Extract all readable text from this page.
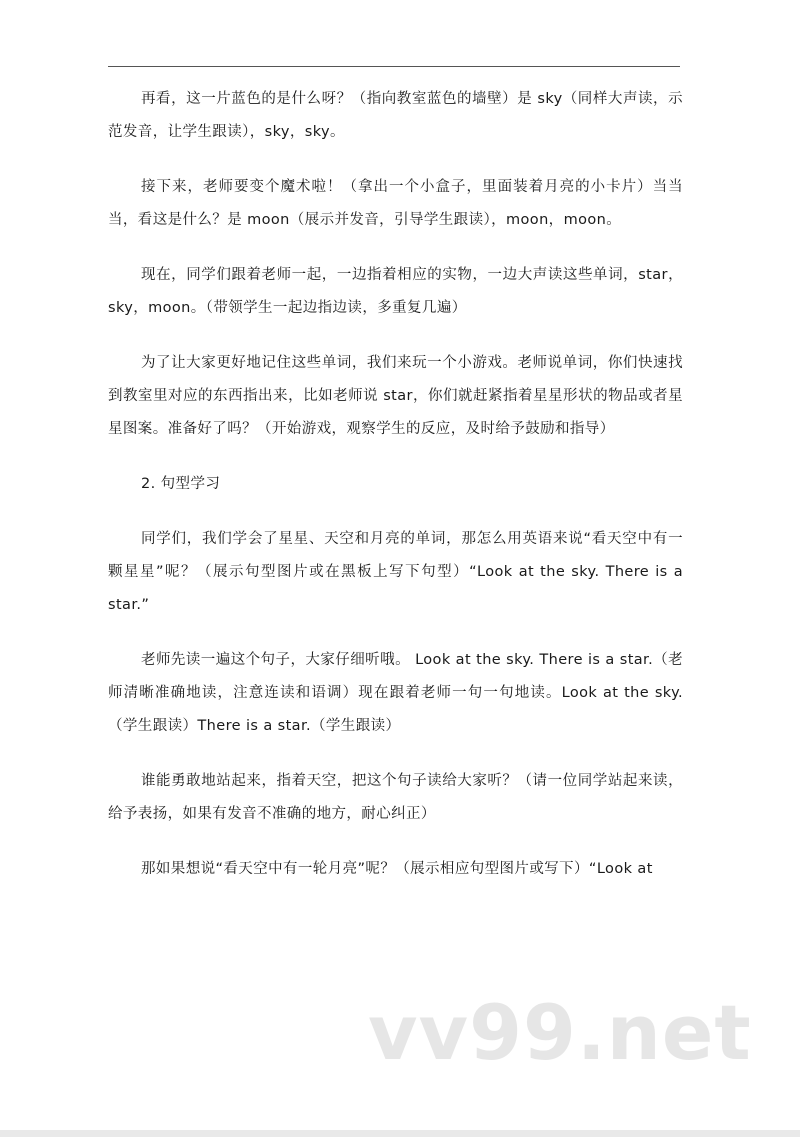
再看，这一片蓝色的是什么呀？（指向教室蓝色的墙壁）是 sky（同样大声读，示范发音，让学生跟读），sky，sky。

接下来，老师要变个魔术啦！（拿出一个小盒子，里面装着月亮的小卡片）当当当，看这是什么？是 moon（展示并发音，引导学生跟读），moon，moon。

现在，同学们跟着老师一起，一边指着相应的实物，一边大声读这些单词，star，sky，moon。（带领学生一起边指边读，多重复几遍）

为了让大家更好地记住这些单词，我们来玩一个小游戏。老师说单词，你们快速找到教室里对应的东西指出来，比如老师说 star，你们就赶紧指着星星形状的物品或者星星图案。准备好了吗？（开始游戏，观察学生的反应，及时给予鼓励和指导）

2. 句型学习

同学们，我们学会了星星、天空和月亮的单词，那怎么用英语来说“看天空中有一颗星星”呢？（展示句型图片或在黑板上写下句型）“Look at the sky. There is a star.”

老师先读一遍这个句子，大家仔细听哦。 Look at the sky. There is a star.（老师清晰准确地读，注意连读和语调）现在跟着老师一句一句地读。Look at the sky.（学生跟读）There is a star.（学生跟读）

谁能勇敢地站起来，指着天空，把这个句子读给大家听？（请一位同学站起来读，给予表扬，如果有发音不准确的地方，耐心纠正）

那如果想说“看天空中有一轮月亮”呢？（展示相应句型图片或写下）“Look at

vv99.net
